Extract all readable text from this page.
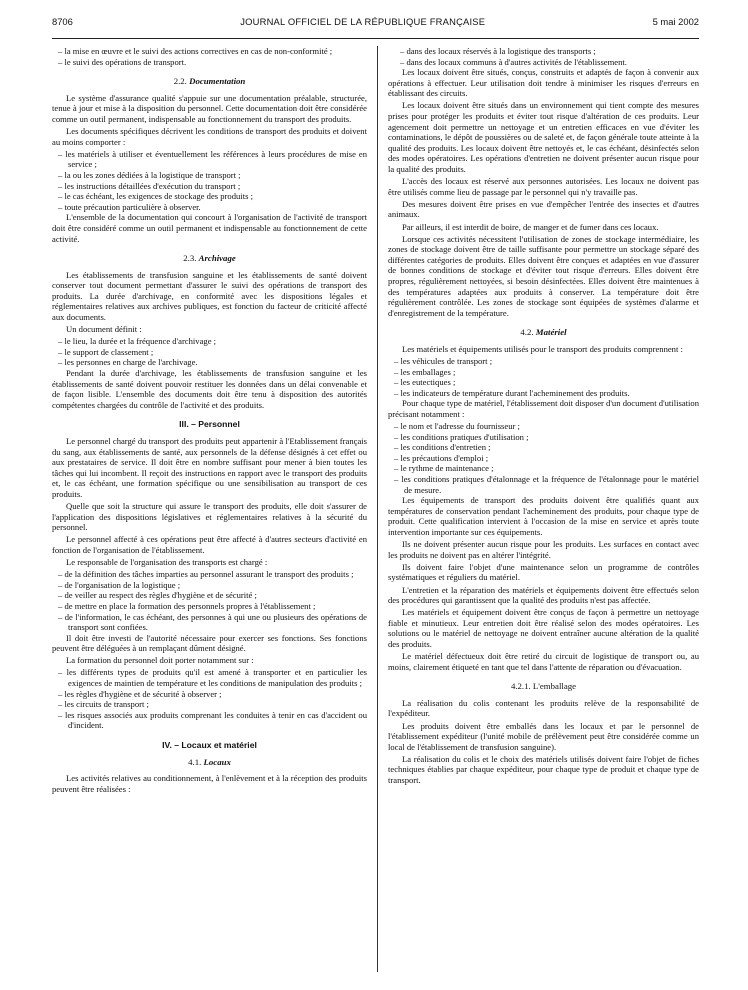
8706	JOURNAL OFFICIEL DE LA RÉPUBLIQUE FRANÇAISE	5 mai 2002

– la mise en œuvre et le suivi des actions correctives en cas de non-conformité ;

– le suivi des opérations de transport.

2.2. Documentation

Le système d'assurance qualité s'appuie sur une documentation préalable, structurée, tenue à jour et mise à la disposition du personnel. Cette documentation doit être considérée comme un outil permanent, indispensable au fonctionnement du transport des produits.

Les documents spécifiques décrivent les conditions de transport des produits et doivent au moins comporter :

– les matériels à utiliser et éventuellement les références à leurs procédures de mise en service ;

– la ou les zones dédiées à la logistique de transport ;

– les instructions détaillées d'exécution du transport ;

– le cas échéant, les exigences de stockage des produits ;

– toute précaution particulière à observer.

L'ensemble de la documentation qui concourt à l'organisation de l'activité de transport doit être considéré comme un outil permanent et indispensable au fonctionnement de cette activité.

2.3. Archivage

Les établissements de transfusion sanguine et les établissements de santé doivent conserver tout document permettant d'assurer le suivi des opérations de transport des produits. La durée d'archivage, en conformité avec les dispositions légales et réglementaires relatives aux archives publiques, est fonction du facteur de criticité affecté aux documents.

Un document définit :

– le lieu, la durée et la fréquence d'archivage ;

– le support de classement ;

– les personnes en charge de l'archivage.

Pendant la durée d'archivage, les établissements de transfusion sanguine et les établissements de santé doivent pouvoir restituer les données dans un délai convenable et de façon lisible. L'ensemble des documents doit être tenu à disposition des autorités compétentes chargées du contrôle de l'activité et des produits.

III. – Personnel

Le personnel chargé du transport des produits peut appartenir à l'Etablissement français du sang, aux établissements de santé, aux personnels de la défense désignés à cet effet ou aux prestataires de service. Il doit être en nombre suffisant pour mener à bien toutes les tâches qui lui incombent. Il reçoit des instructions en rapport avec le transport des produits et, le cas échéant, une formation spécifique ou une sensibilisation au transport de ces produits.

Quelle que soit la structure qui assure le transport des produits, elle doit s'assurer de l'application des dispositions législatives et réglementaires relatives à la sécurité du personnel.

Le personnel affecté à ces opérations peut être affecté à d'autres secteurs d'activité en fonction de l'organisation de l'établissement.

Le responsable de l'organisation des transports est chargé :

– de la définition des tâches imparties au personnel assurant le transport des produits ;

– de l'organisation de la logistique ;

– de veiller au respect des règles d'hygiène et de sécurité ;

– de mettre en place la formation des personnels propres à l'établissement ;

– de l'information, le cas échéant, des personnes à qui une ou plusieurs des opérations de transport sont confiées.

Il doit être investi de l'autorité nécessaire pour exercer ses fonctions. Ses fonctions peuvent être déléguées à un remplaçant dûment désigné.

La formation du personnel doit porter notamment sur :

– les différents types de produits qu'il est amené à transporter et en particulier les exigences de maintien de température et les conditions de manipulation des produits ;

– les règles d'hygiène et de sécurité à observer ;

– les circuits de transport ;

– les risques associés aux produits comprenant les conduites à tenir en cas d'accident ou d'incident.

IV. – Locaux et matériel
4.1. Locaux

Les activités relatives au conditionnement, à l'enlèvement et à la réception des produits peuvent être réalisées :

– dans des locaux réservés à la logistique des transports ;

– dans des locaux communs à d'autres activités de l'établissement.

Les locaux doivent être situés, conçus, construits et adaptés de façon à convenir aux opérations à effectuer. Leur utilisation doit tendre à minimiser les risques d'erreurs en établissant des circuits.

Les locaux doivent être situés dans un environnement qui tient compte des mesures prises pour protéger les produits et éviter tout risque d'altération de ces produits. Leur agencement doit permettre un nettoyage et un entretien efficaces en vue d'éviter les contaminations, le dépôt de poussières ou de saleté et, de façon générale toute atteinte à la qualité des produits. Les locaux doivent être nettoyés et, le cas échéant, désinfectés selon des modes opératoires. Les opérations d'entretien ne doivent présenter aucun risque pour la qualité des produits.

L'accès des locaux est réservé aux personnes autorisées. Les locaux ne doivent pas être utilisés comme lieu de passage par le personnel qui n'y travaille pas.

Des mesures doivent être prises en vue d'empêcher l'entrée des insectes et d'autres animaux.

Par ailleurs, il est interdit de boire, de manger et de fumer dans ces locaux.

Lorsque ces activités nécessitent l'utilisation de zones de stockage intermédiaire, les zones de stockage doivent être de taille suffisante pour permettre un stockage séparé des différentes catégories de produits. Elles doivent être conçues et adaptées en vue d'assurer de bonnes conditions de stockage et d'éviter tout risque d'erreurs. Elles doivent être propres, régulièrement nettoyées, si besoin désinfectées. Elles doivent être maintenues à des températures adaptées aux produits à conserver. La température doit être régulièrement contrôlée. Les zones de stockage sont équipées de systèmes d'alarme et d'enregistrement de la température.

4.2. Matériel

Les matériels et équipements utilisés pour le transport des produits comprennent :

– les véhicules de transport ;

– les emballages ;

– les eutectiques ;

– les indicateurs de température durant l'acheminement des produits.

Pour chaque type de matériel, l'établissement doit disposer d'un document d'utilisation précisant notamment :

– le nom et l'adresse du fournisseur ;

– les conditions pratiques d'utilisation ;

– les conditions d'entretien ;

– les précautions d'emploi ;

– le rythme de maintenance ;

– les conditions pratiques d'étalonnage et la fréquence de l'étalonnage pour le matériel de mesure.

Les équipements de transport des produits doivent être qualifiés quant aux températures de conservation pendant l'acheminement des produits, pour chaque type de produit. Cette qualification intervient à l'occasion de la mise en service et après toute intervention importante sur ces équipements.

Ils ne doivent présenter aucun risque pour les produits. Les surfaces en contact avec les produits ne doivent pas en altérer l'intégrité.

Ils doivent faire l'objet d'une maintenance selon un programme de contrôles systématiques et réguliers du matériel.

L'entretien et la réparation des matériels et équipements doivent être effectués selon des procédures qui garantissent que la qualité des produits n'est pas affectée.

Les matériels et équipement doivent être conçus de façon à permettre un nettoyage fiable et minutieux. Leur entretien doit être réalisé selon des modes opératoires. Les solutions ou le matériel de nettoyage ne doivent entraîner aucune altération de la qualité des produits.

Le matériel défectueux doit être retiré du circuit de logistique de transport ou, au moins, clairement étiqueté en tant que tel dans l'attente de réparation ou d'évacuation.

4.2.1. L'emballage

La réalisation du colis contenant les produits relève de la responsabilité de l'expéditeur.

Les produits doivent être emballés dans les locaux et par le personnel de l'établissement expéditeur (l'unité mobile de prélèvement peut être considérée comme un local de l'établissement de transfusion sanguine).

La réalisation du colis et le choix des matériels utilisés doivent faire l'objet de fiches techniques établies par chaque expéditeur, pour chaque type de produit et chaque type de transport.
